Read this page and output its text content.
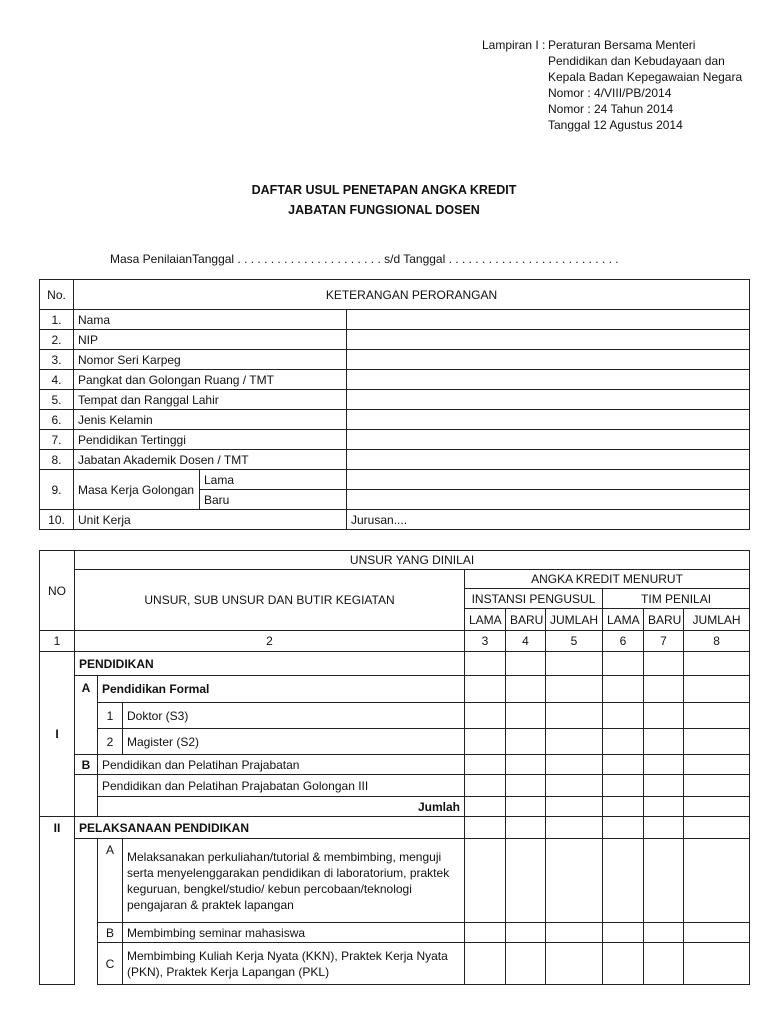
Lampiran I : Peraturan Bersama Menteri
Pendidikan dan Kebudayaan dan
Kepala Badan Kepegawaian Negara
Nomor : 4/VIII/PB/2014
Nomor : 24 Tahun 2014
Tanggal 12 Agustus 2014
DAFTAR USUL PENETAPAN ANGKA KREDIT
JABATAN FUNGSIONAL DOSEN
Masa PenilaianTanggal . . . . . . . . . . . . . . . . . . . . . . s/d Tanggal . . . . . . . . . . . . . . . . . . . . . . . . . .
No.	KETERANGAN PERORANGAN		
1.	Nama		
2.	NIP		
3.	Nomor Seri Karpeg		
4.	Pangkat dan Golongan Ruang / TMT		
5.	Tempat dan Ranggal Lahir		
6.	Jenis Kelamin		
7.	Pendidikan Tertinggi		
8.	Jabatan Akademik Dosen / TMT		
9.	Masa Kerja Golongan	Lama	
		Baru	
10.	Unit Kerja		Jurusan....
NO	UNSUR YANG DINILAI								
	UNSUR, SUB UNSUR DAN BUTIR KEGIATAN			ANGKA KREDIT MENURUT					
				INSTANSI PENGUSUL			TIM PENILAI		
				LAMA	BARU	JUMLAH	LAMA	BARU	JUMLAH
1	2			3	4	5	6	7	8
I	PENDIDIKAN								
	A	Pendidikan Formal							
		1	Doktor (S3)						
		2	Magister (S2)						
	B	Pendidikan dan Pelatihan Prajabatan							
		Pendidikan dan Pelatihan Prajabatan Golongan III							
		Jumlah							
II	PELAKSANAAN PENDIDIKAN								
		A	Melaksanakan perkuliahan/tutorial & membimbing, menguji serta menyelenggarakan pendidikan di laboratorium, praktek keguruan, bengkel/studio/ kebun percobaan/teknologi pengajaran & praktek lapangan						
		B	Membimbing seminar mahasiswa						
		C	Membimbing Kuliah Kerja Nyata (KKN), Praktek Kerja Nyata (PKN), Praktek Kerja Lapangan (PKL)						
